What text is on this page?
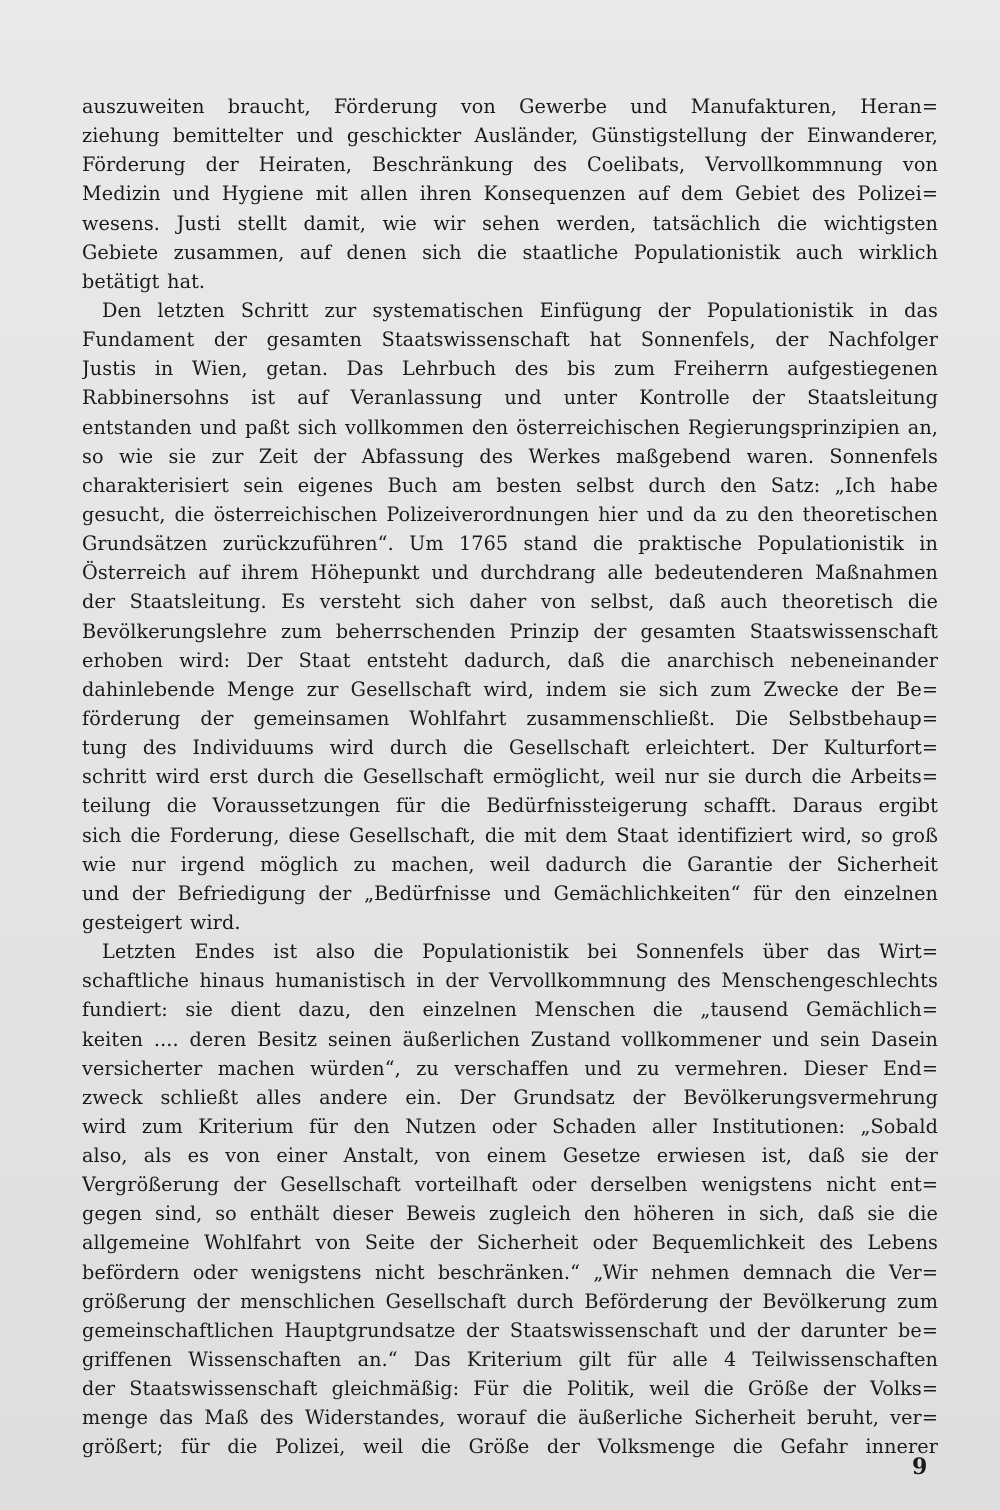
auszuweiten braucht, Förderung von Gewerbe und Manufakturen, Heran=
ziehung bemittelter und geschickter Ausländer, Günstigstellung der Einwanderer,
Förderung der Heiraten, Beschränkung des Coelibats, Vervollkommnung von
Medizin und Hygiene mit allen ihren Konsequenzen auf dem Gebiet des Polizei=
wesens. Justi stellt damit, wie wir sehen werden, tatsächlich die wichtigsten
Gebiete zusammen, auf denen sich die staatliche Populationistik auch wirklich
betätigt hat.

Den letzten Schritt zur systematischen Einfügung der Populationistik in das
Fundament der gesamten Staatswissenschaft hat Sonnenfels, der Nachfolger
Justis in Wien, getan. Das Lehrbuch des bis zum Freiherrn aufgestiegenen
Rabbinersohns ist auf Veranlassung und unter Kontrolle der Staatsleitung
entstanden und paßt sich vollkommen den österreichischen Regierungsprinzipien an,
so wie sie zur Zeit der Abfassung des Werkes maßgebend waren. Sonnenfels
charakterisiert sein eigenes Buch am besten selbst durch den Satz: „Ich habe
gesucht, die österreichischen Polizeiverordnungen hier und da zu den theoretischen
Grundsätzen zurückzuführen“. Um 1765 stand die praktische Populationistik in
Österreich auf ihrem Höhepunkt und durchdrang alle bedeutenderen Maßnahmen
der Staatsleitung. Es versteht sich daher von selbst, daß auch theoretisch die
Bevölkerungslehre zum beherrschenden Prinzip der gesamten Staatswissenschaft
erhoben wird: Der Staat entsteht dadurch, daß die anarchisch nebeneinander
dahinlebende Menge zur Gesellschaft wird, indem sie sich zum Zwecke der Be=
förderung der gemeinsamen Wohlfahrt zusammenschließt. Die Selbstbehaup=
tung des Individuums wird durch die Gesellschaft erleichtert. Der Kulturfort=
schritt wird erst durch die Gesellschaft ermöglicht, weil nur sie durch die Arbeits=
teilung die Voraussetzungen für die Bedürfnissteigerung schafft. Daraus ergibt
sich die Forderung, diese Gesellschaft, die mit dem Staat identifiziert wird, so groß
wie nur irgend möglich zu machen, weil dadurch die Garantie der Sicherheit
und der Befriedigung der „Bedürfnisse und Gemächlichkeiten“ für den einzelnen
gesteigert wird.

Letzten Endes ist also die Populationistik bei Sonnenfels über das Wirt=
schaftliche hinaus humanistisch in der Vervollkommnung des Menschengeschlechts
fundiert: sie dient dazu, den einzelnen Menschen die „tausend Gemächlich=
keiten .... deren Besitz seinen äußerlichen Zustand vollkommener und sein Dasein
versicherter machen würden“, zu verschaffen und zu vermehren. Dieser End=
zweck schließt alles andere ein. Der Grundsatz der Bevölkerungsvermehrung
wird zum Kriterium für den Nutzen oder Schaden aller Institutionen: „Sobald
also, als es von einer Anstalt, von einem Gesetze erwiesen ist, daß sie der
Vergrößerung der Gesellschaft vorteilhaft oder derselben wenigstens nicht ent=
gegen sind, so enthält dieser Beweis zugleich den höheren in sich, daß sie die
allgemeine Wohlfahrt von Seite der Sicherheit oder Bequemlichkeit des Lebens
befördern oder wenigstens nicht beschränken.“ „Wir nehmen demnach die Ver=
größerung der menschlichen Gesellschaft durch Beförderung der Bevölkerung zum
gemeinschaftlichen Hauptgrundsatze der Staatswissenschaft und der darunter be=
griffenen Wissenschaften an.“ Das Kriterium gilt für alle 4 Teilwissenschaften
der Staatswissenschaft gleichmäßig: Für die Politik, weil die Größe der Volks=
menge das Maß des Widerstandes, worauf die äußerliche Sicherheit beruht, ver=
größert; für die Polizei, weil die Größe der Volksmenge die Gefahr innerer

9
